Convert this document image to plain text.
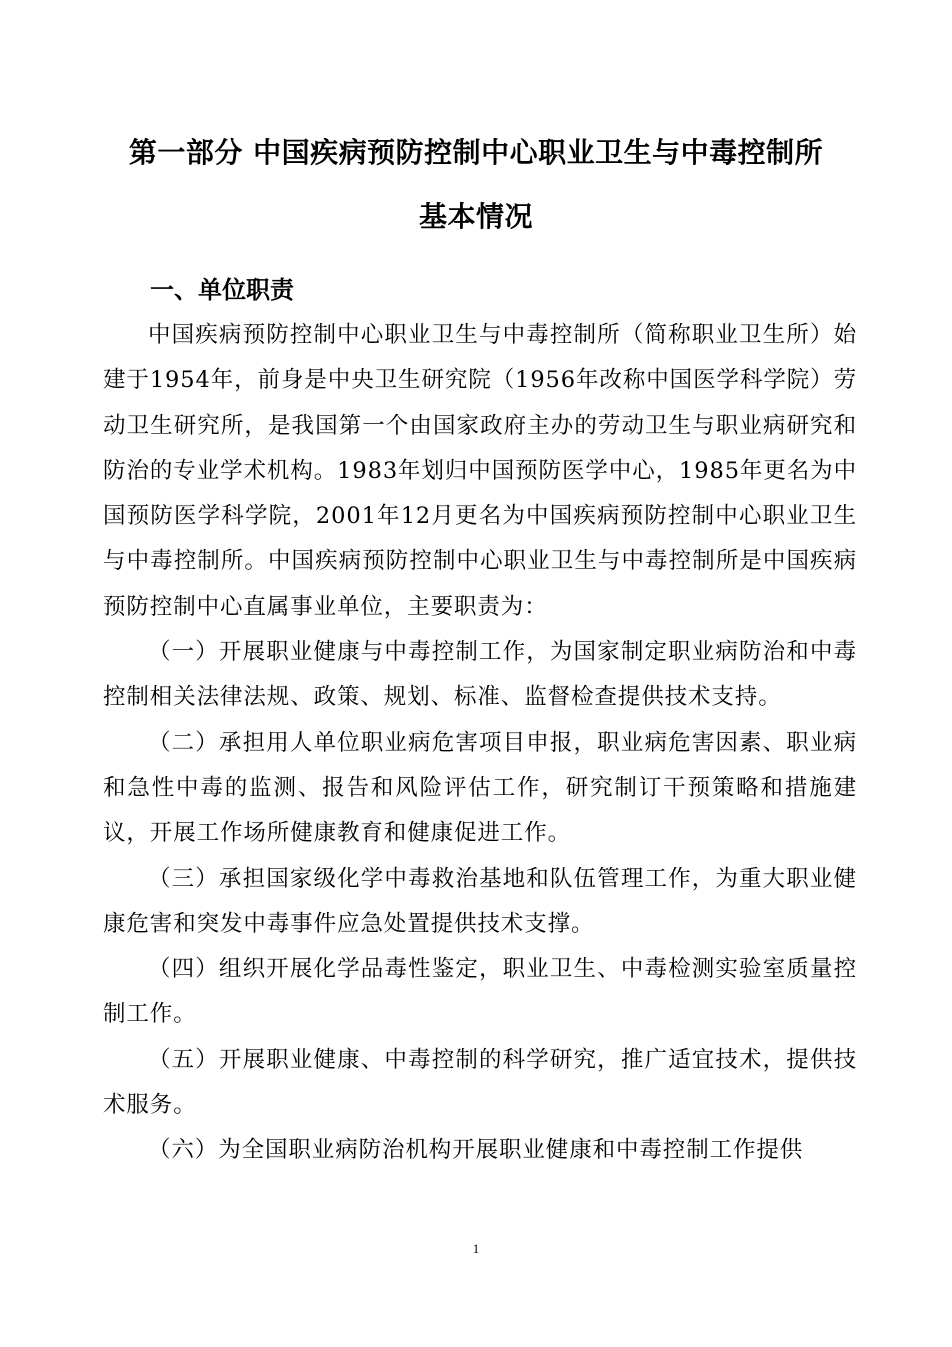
第一部分 中国疾病预防控制中心职业卫生与中毒控制所
基本情况
一、单位职责

中国疾病预防控制中心职业卫生与中毒控制所（简称职业卫生所）始建于1954年，前身是中央卫生研究院（1956年改称中国医学科学院）劳动卫生研究所，是我国第一个由国家政府主办的劳动卫生与职业病研究和防治的专业学术机构。1983年划归中国预防医学中心，1985年更名为中国预防医学科学院，2001年12月更名为中国疾病预防控制中心职业卫生与中毒控制所。中国疾病预防控制中心职业卫生与中毒控制所是中国疾病预防控制中心直属事业单位，主要职责为：

（一）开展职业健康与中毒控制工作，为国家制定职业病防治和中毒控制相关法律法规、政策、规划、标准、监督检查提供技术支持。

（二）承担用人单位职业病危害项目申报，职业病危害因素、职业病和急性中毒的监测、报告和风险评估工作，研究制订干预策略和措施建议，开展工作场所健康教育和健康促进工作。

（三）承担国家级化学中毒救治基地和队伍管理工作，为重大职业健康危害和突发中毒事件应急处置提供技术支撑。

（四）组织开展化学品毒性鉴定，职业卫生、中毒检测实验室质量控制工作。

（五）开展职业健康、中毒控制的科学研究，推广适宜技术，提供技术服务。

（六）为全国职业病防治机构开展职业健康和中毒控制工作提供

1
